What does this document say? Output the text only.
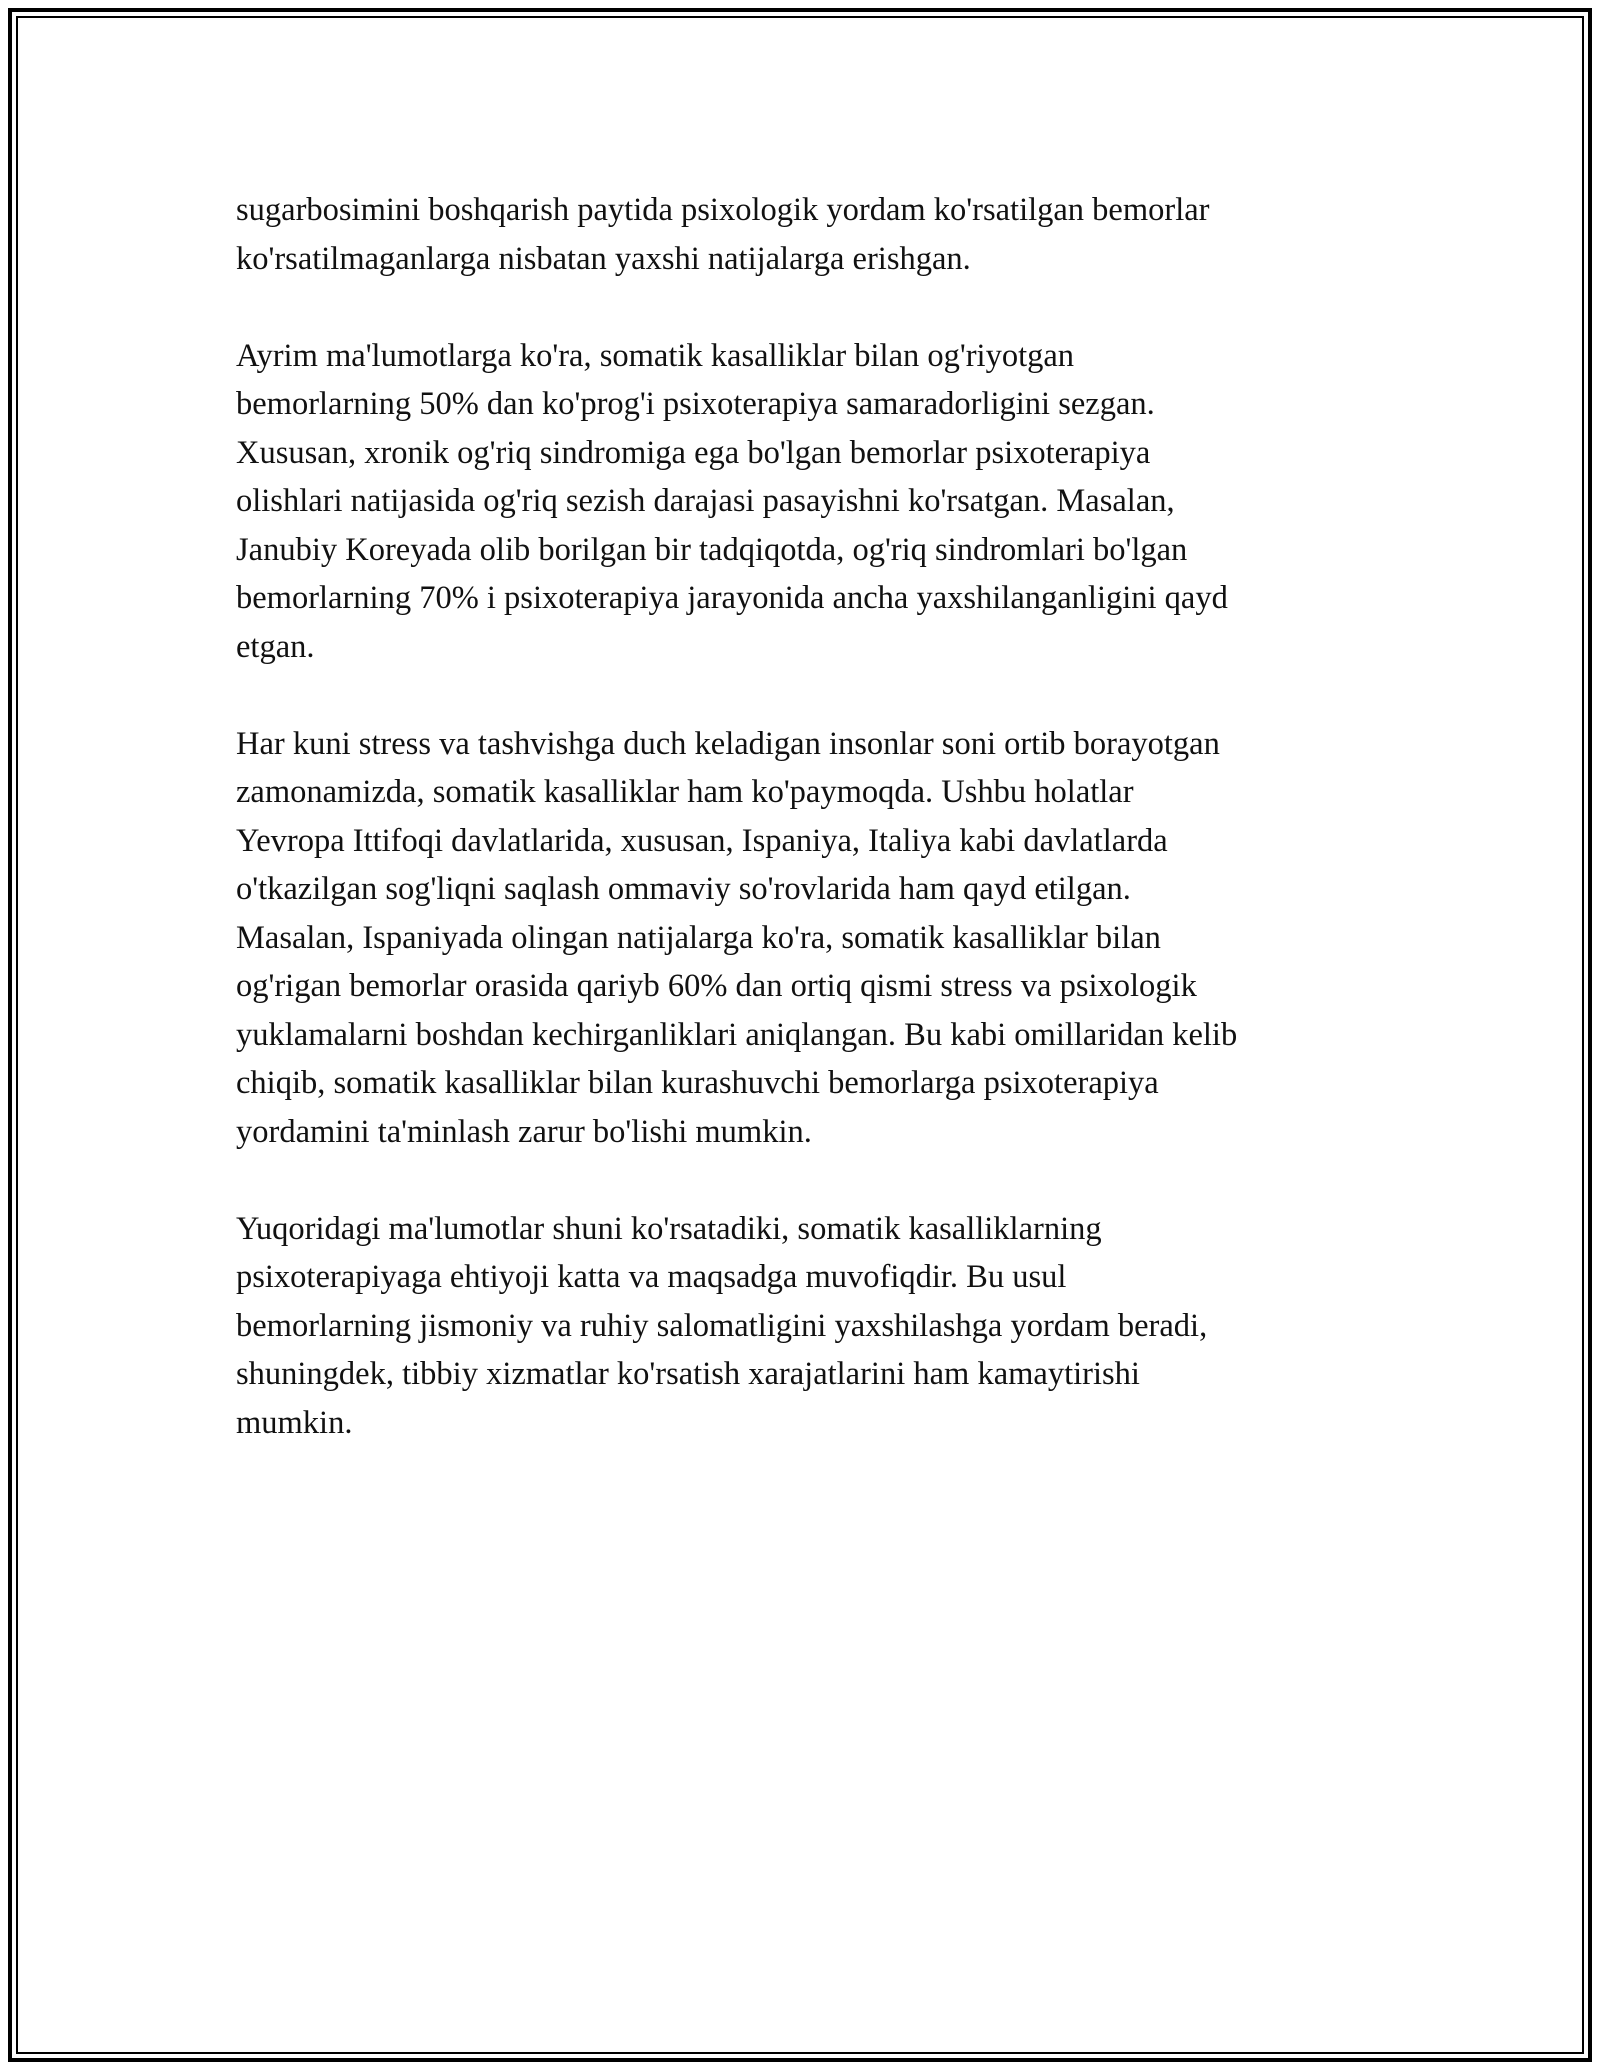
sugarbosimini boshqarish paytida psixologik yordam ko'rsatilgan bemorlar
ko'rsatilmaganlarga nisbatan yaxshi natijalarga erishgan.

Ayrim ma'lumotlarga ko'ra, somatik kasalliklar bilan og'riyotgan
bemorlarning 50% dan ko'prog'i psixoterapiya samaradorligini sezgan.
Xususan, xronik og'riq sindromiga ega bo'lgan bemorlar psixoterapiya
olishlari natijasida og'riq sezish darajasi pasayishni ko'rsatgan. Masalan,
Janubiy Koreyada olib borilgan bir tadqiqotda, og'riq sindromlari bo'lgan
bemorlarning 70% i psixoterapiya jarayonida ancha yaxshilanganligini qayd
etgan.

Har kuni stress va tashvishga duch keladigan insonlar soni ortib borayotgan
zamonamizda, somatik kasalliklar ham ko'paymoqda. Ushbu holatlar
Yevropa Ittifoqi davlatlarida, xususan, Ispaniya, Italiya kabi davlatlarda
o'tkazilgan sog'liqni saqlash ommaviy so'rovlarida ham qayd etilgan.
Masalan, Ispaniyada olingan natijalarga ko'ra, somatik kasalliklar bilan
og'rigan bemorlar orasida qariyb 60% dan ortiq qismi stress va psixologik
yuklamalarni boshdan kechirganliklari aniqlangan. Bu kabi omillaridan kelib
chiqib, somatik kasalliklar bilan kurashuvchi bemorlarga psixoterapiya
yordamini ta'minlash zarur bo'lishi mumkin.

Yuqoridagi ma'lumotlar shuni ko'rsatadiki, somatik kasalliklarning
psixoterapiyaga ehtiyoji katta va maqsadga muvofiqdir. Bu usul
bemorlarning jismoniy va ruhiy salomatligini yaxshilashga yordam beradi,
shuningdek, tibbiy xizmatlar ko'rsatish xarajatlarini ham kamaytirishi
mumkin.
